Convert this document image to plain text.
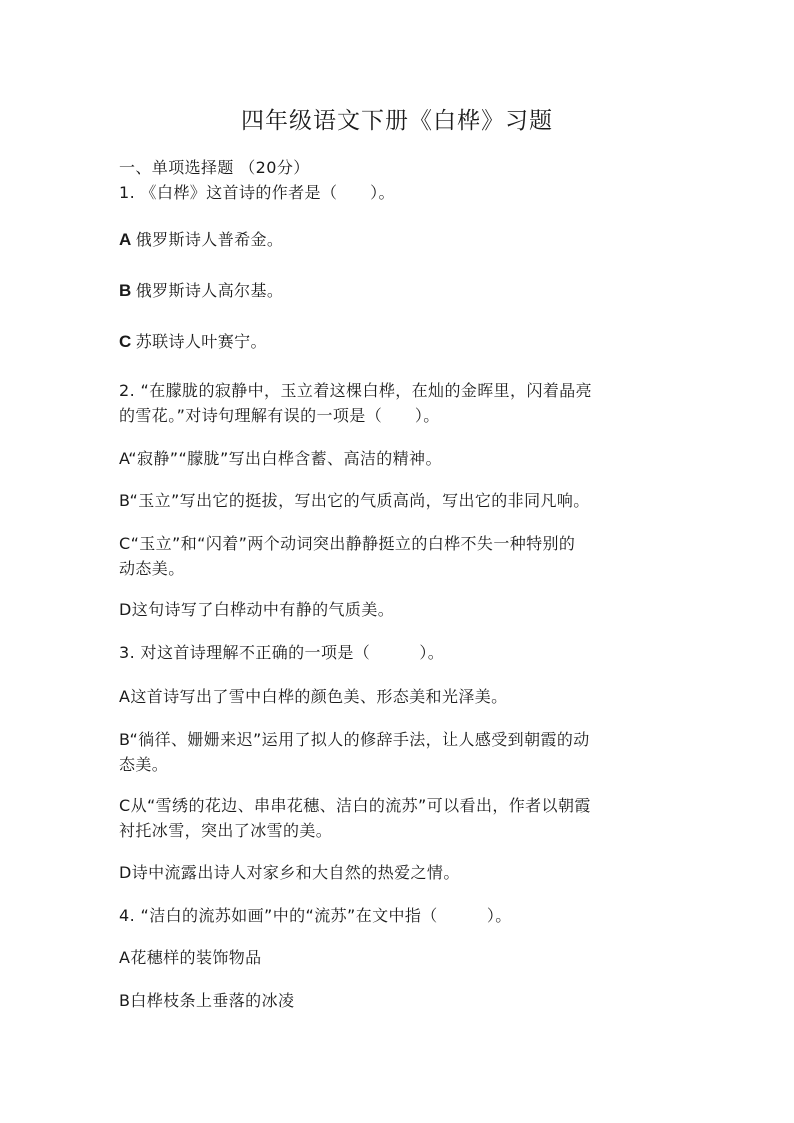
四年级语文下册《白桦》习题
一、单项选择题 （20分）
1. 《白桦》这首诗的作者是（　　）。
A 俄罗斯诗人普希金。
B 俄罗斯诗人高尔基。
C 苏联诗人叶赛宁。
2. “在朦胧的寂静中，玉立着这棵白桦，在灿的金晖里，闪着晶亮
的雪花。”对诗句理解有误的一项是（　　）。
A“寂静”“朦胧”写出白桦含蓄、高洁的精神。
B“玉立”写出它的挺拔，写出它的气质高尚，写出它的非同凡响。
C“玉立”和“闪着”两个动词突出静静挺立的白桦不失一种特别的
动态美。
D这句诗写了白桦动中有静的气质美。
3. 对这首诗理解不正确的一项是（　　　）。
A这首诗写出了雪中白桦的颜色美、形态美和光泽美。
B“徜徉、姗姗来迟”运用了拟人的修辞手法，让人感受到朝霞的动
态美。
C从“雪绣的花边、串串花穗、洁白的流苏”可以看出，作者以朝霞
衬托冰雪，突出了冰雪的美。
D诗中流露出诗人对家乡和大自然的热爱之情。
4. “洁白的流苏如画”中的“流苏”在文中指（　　　）。
A花穗样的装饰物品
B白桦枝条上垂落的冰凌
